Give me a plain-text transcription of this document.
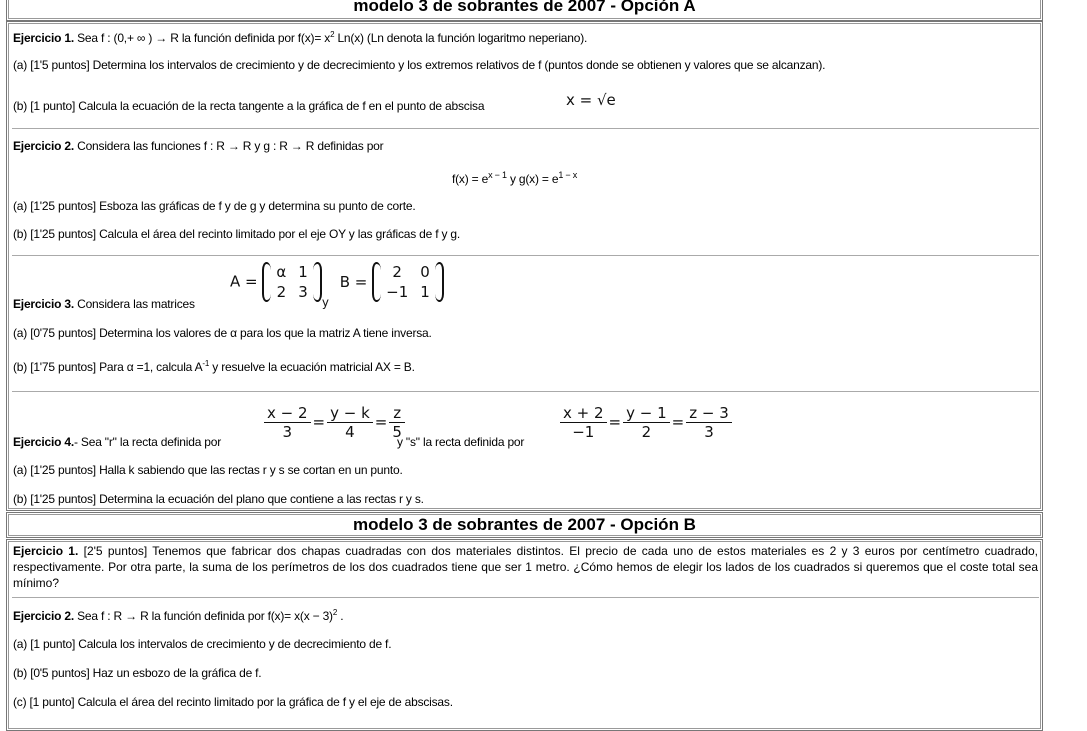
modelo 3 de sobrantes de 2007 - Opción A
Ejercicio 1. Sea f : (0,+ ∞ ) → R la función definida por $f(x)= x^2$ Ln(x) (Ln denota la función logaritmo neperiano).
(a) [1'5 puntos] Determina los intervalos de crecimiento y de decrecimiento y los extremos relativos de f (puntos donde se obtienen y valores que se alcanzan).
(b) [1 punto] Calcula la ecuación de la recta tangente a la gráfica de f en el punto de abscisa	x = √e
Ejercicio 2. Considera las funciones f : R → R y g : R → R definidas por
$f(x) = e^{x - 1}$ y $g(x) = e^{1 - x}$
(a) [1'25 puntos] Esboza las gráficas de f y de g y determina su punto de corte.
(b) [1'25 puntos] Calcula el área del recinto limitado por el eje OY y las gráficas de f y g.
A =
α	1
2	3
$_y$ B =
2	0
−1	1
Ejercicio 3. Considera las matrices
(a) [0'75 puntos] Determina los valores de α para los que la matriz A tiene inversa.
(b) [1'75 puntos] Para α =1, calcula $A^{-1}$ y resuelve la ecuación matricial AX = B.
$\frac{x - 2}{3} = \frac{y - k}{4} = \frac{z}{5}$	$\frac{x + 2}{-1} = \frac{y - 1}{2} = \frac{z - 3}{3}$
Ejercicio 4.- Sea "r" la recta definida por	y "s" la recta definida por
(a) [1'25 puntos] Halla k sabiendo que las rectas r y s se cortan en un punto.
(b) [1'25 puntos] Determina la ecuación del plano que contiene a las rectas r y s.
modelo 3 de sobrantes de 2007 - Opción B
Ejercicio 1. [2'5 puntos] Tenemos que fabricar dos chapas cuadradas con dos materiales distintos. El precio de cada uno de estos materiales es 2 y 3 euros por centímetro cuadrado, respectivamente. Por otra parte, la suma de los perímetros de los dos cuadrados tiene que ser 1 metro. ¿Cómo hemos de elegir los lados de los cuadrados si queremos que el coste total sea mínimo?
Ejercicio 2. Sea f : R → R la función definida por $f(x)= x(x - 3)^2$ .
(a) [1 punto] Calcula los intervalos de crecimiento y de decrecimiento de f.
(b) [0'5 puntos] Haz un esbozo de la gráfica de f.
(c) [1 punto] Calcula el área del recinto limitado por la gráfica de f y el eje de abscisas.
